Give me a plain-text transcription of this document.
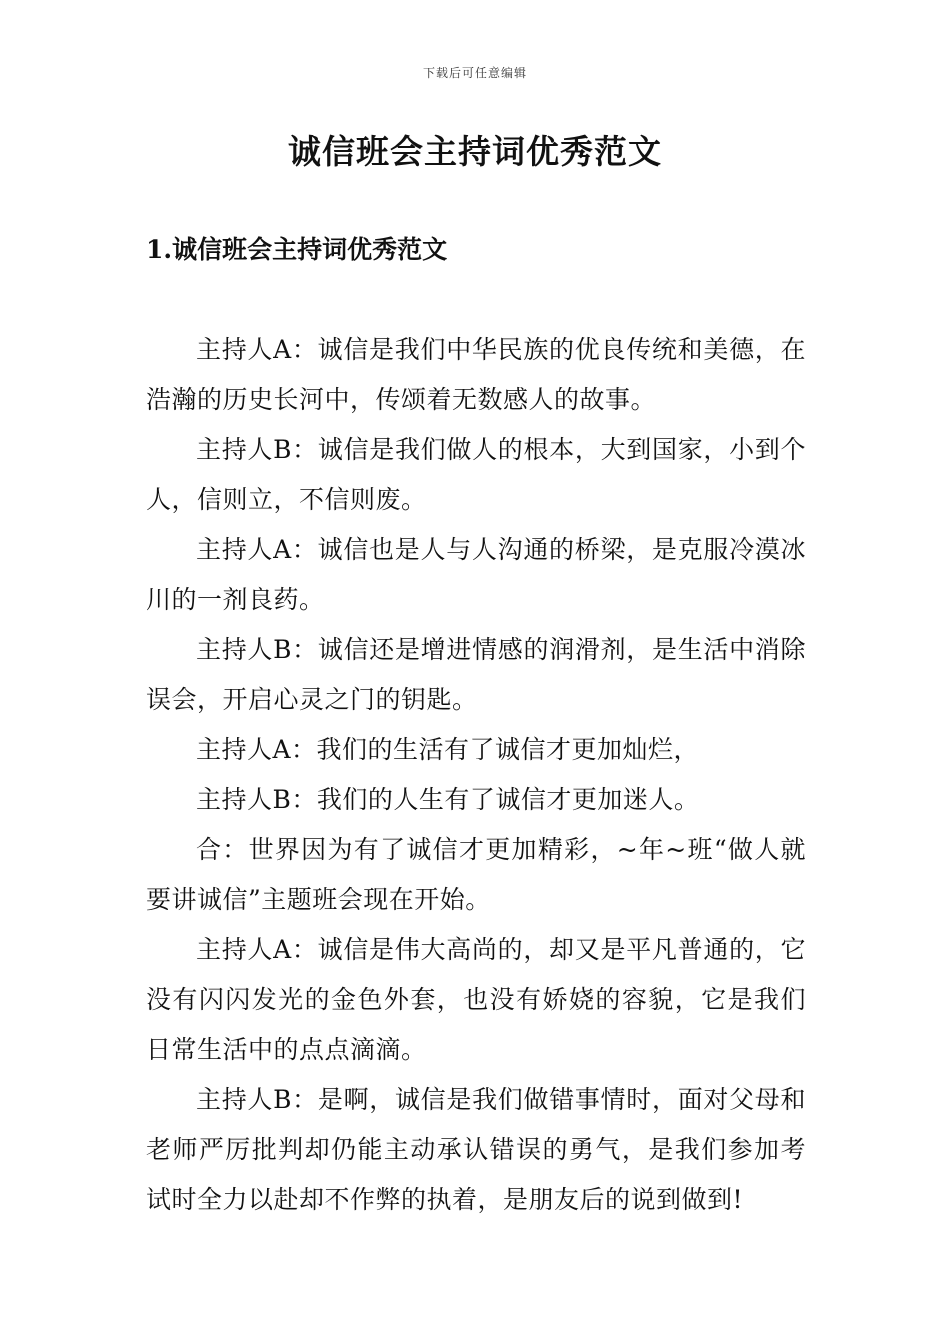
下载后可任意编辑
诚信班会主持词优秀范文
1.诚信班会主持词优秀范文

主持人A：诚信是我们中华民族的优良传统和美德，在浩瀚的历史长河中，传颂着无数感人的故事。

主持人B：诚信是我们做人的根本，大到国家，小到个人，信则立，不信则废。

主持人A：诚信也是人与人沟通的桥梁，是克服冷漠冰川的一剂良药。

主持人B：诚信还是增进情感的润滑剂，是生活中消除误会，开启心灵之门的钥匙。

主持人A：我们的生活有了诚信才更加灿烂，

主持人B：我们的人生有了诚信才更加迷人。

合：世界因为有了诚信才更加精彩，~年~班“做人就要讲诚信”主题班会现在开始。

主持人A：诚信是伟大高尚的，却又是平凡普通的，它没有闪闪发光的金色外套，也没有娇娆的容貌，它是我们日常生活中的点点滴滴。

主持人B：是啊，诚信是我们做错事情时，面对父母和老师严厉批判却仍能主动承认错误的勇气，是我们参加考试时全力以赴却不作弊的执着，是朋友后的说到做到!
